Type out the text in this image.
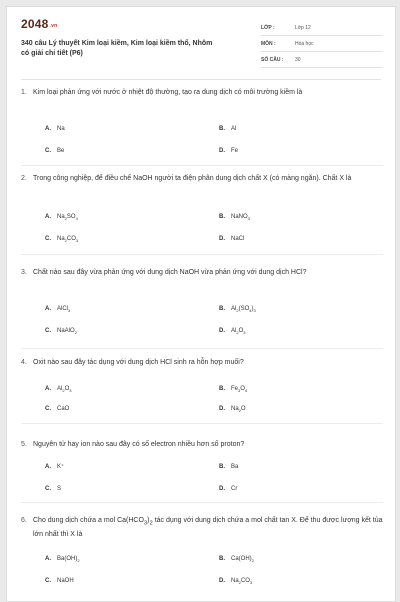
2048.vn
340 câu Lý thuyết Kim loại kiềm, Kim loại kiềm thổ, Nhôm có giải chi tiết (P6)
LỚP :	Lớp 12
MÔN :	Hóa học
SỐ CÂU : 30
1. Kim loại phản ứng với nước ở nhiệt độ thường, tạo ra dung dịch có môi trường kiềm là
A. Na	B. Al
C. Be	D. Fe
2. Trong công nghiệp, để điều chế NaOH người ta điện phân dung dịch chất X (có màng ngăn). Chất X là
A. $Na_2SO_4$	B. NaNO$_3$
C. $Na_2CO_3$	D. NaCl
3. Chất nào sau đây vừa phản ứng với dung dịch NaOH vừa phản ứng với dung dịch HCl?
A. AlCl$_3$	B. $Al_2(SO_4)_3$
C. NaAlO$_2$	D. $Al_2O_3$
4. Oxit nào sau đây tác dụng với dung dịch HCl sinh ra hỗn hợp muối?
A. $Al_2O_3$	B. $Fe_3O_4$
C. CaO	D. $Na_2O$
5. Nguyên tử hay ion nào sau đây có số electron nhiều hơn số proton?
A. K⁺	B. Ba
C. S	D. Cr
6. Cho dung dịch chứa a mol $Ca(HCO_3)_2$ tác dụng với dung dịch chứa a mol chất tan X. Để thu được lượng kết tủa lớn nhất thì X là
A. $Ba(OH)_2$	B. $Ca(OH)_2$
C. NaOH	D. $Na_2CO_3$
